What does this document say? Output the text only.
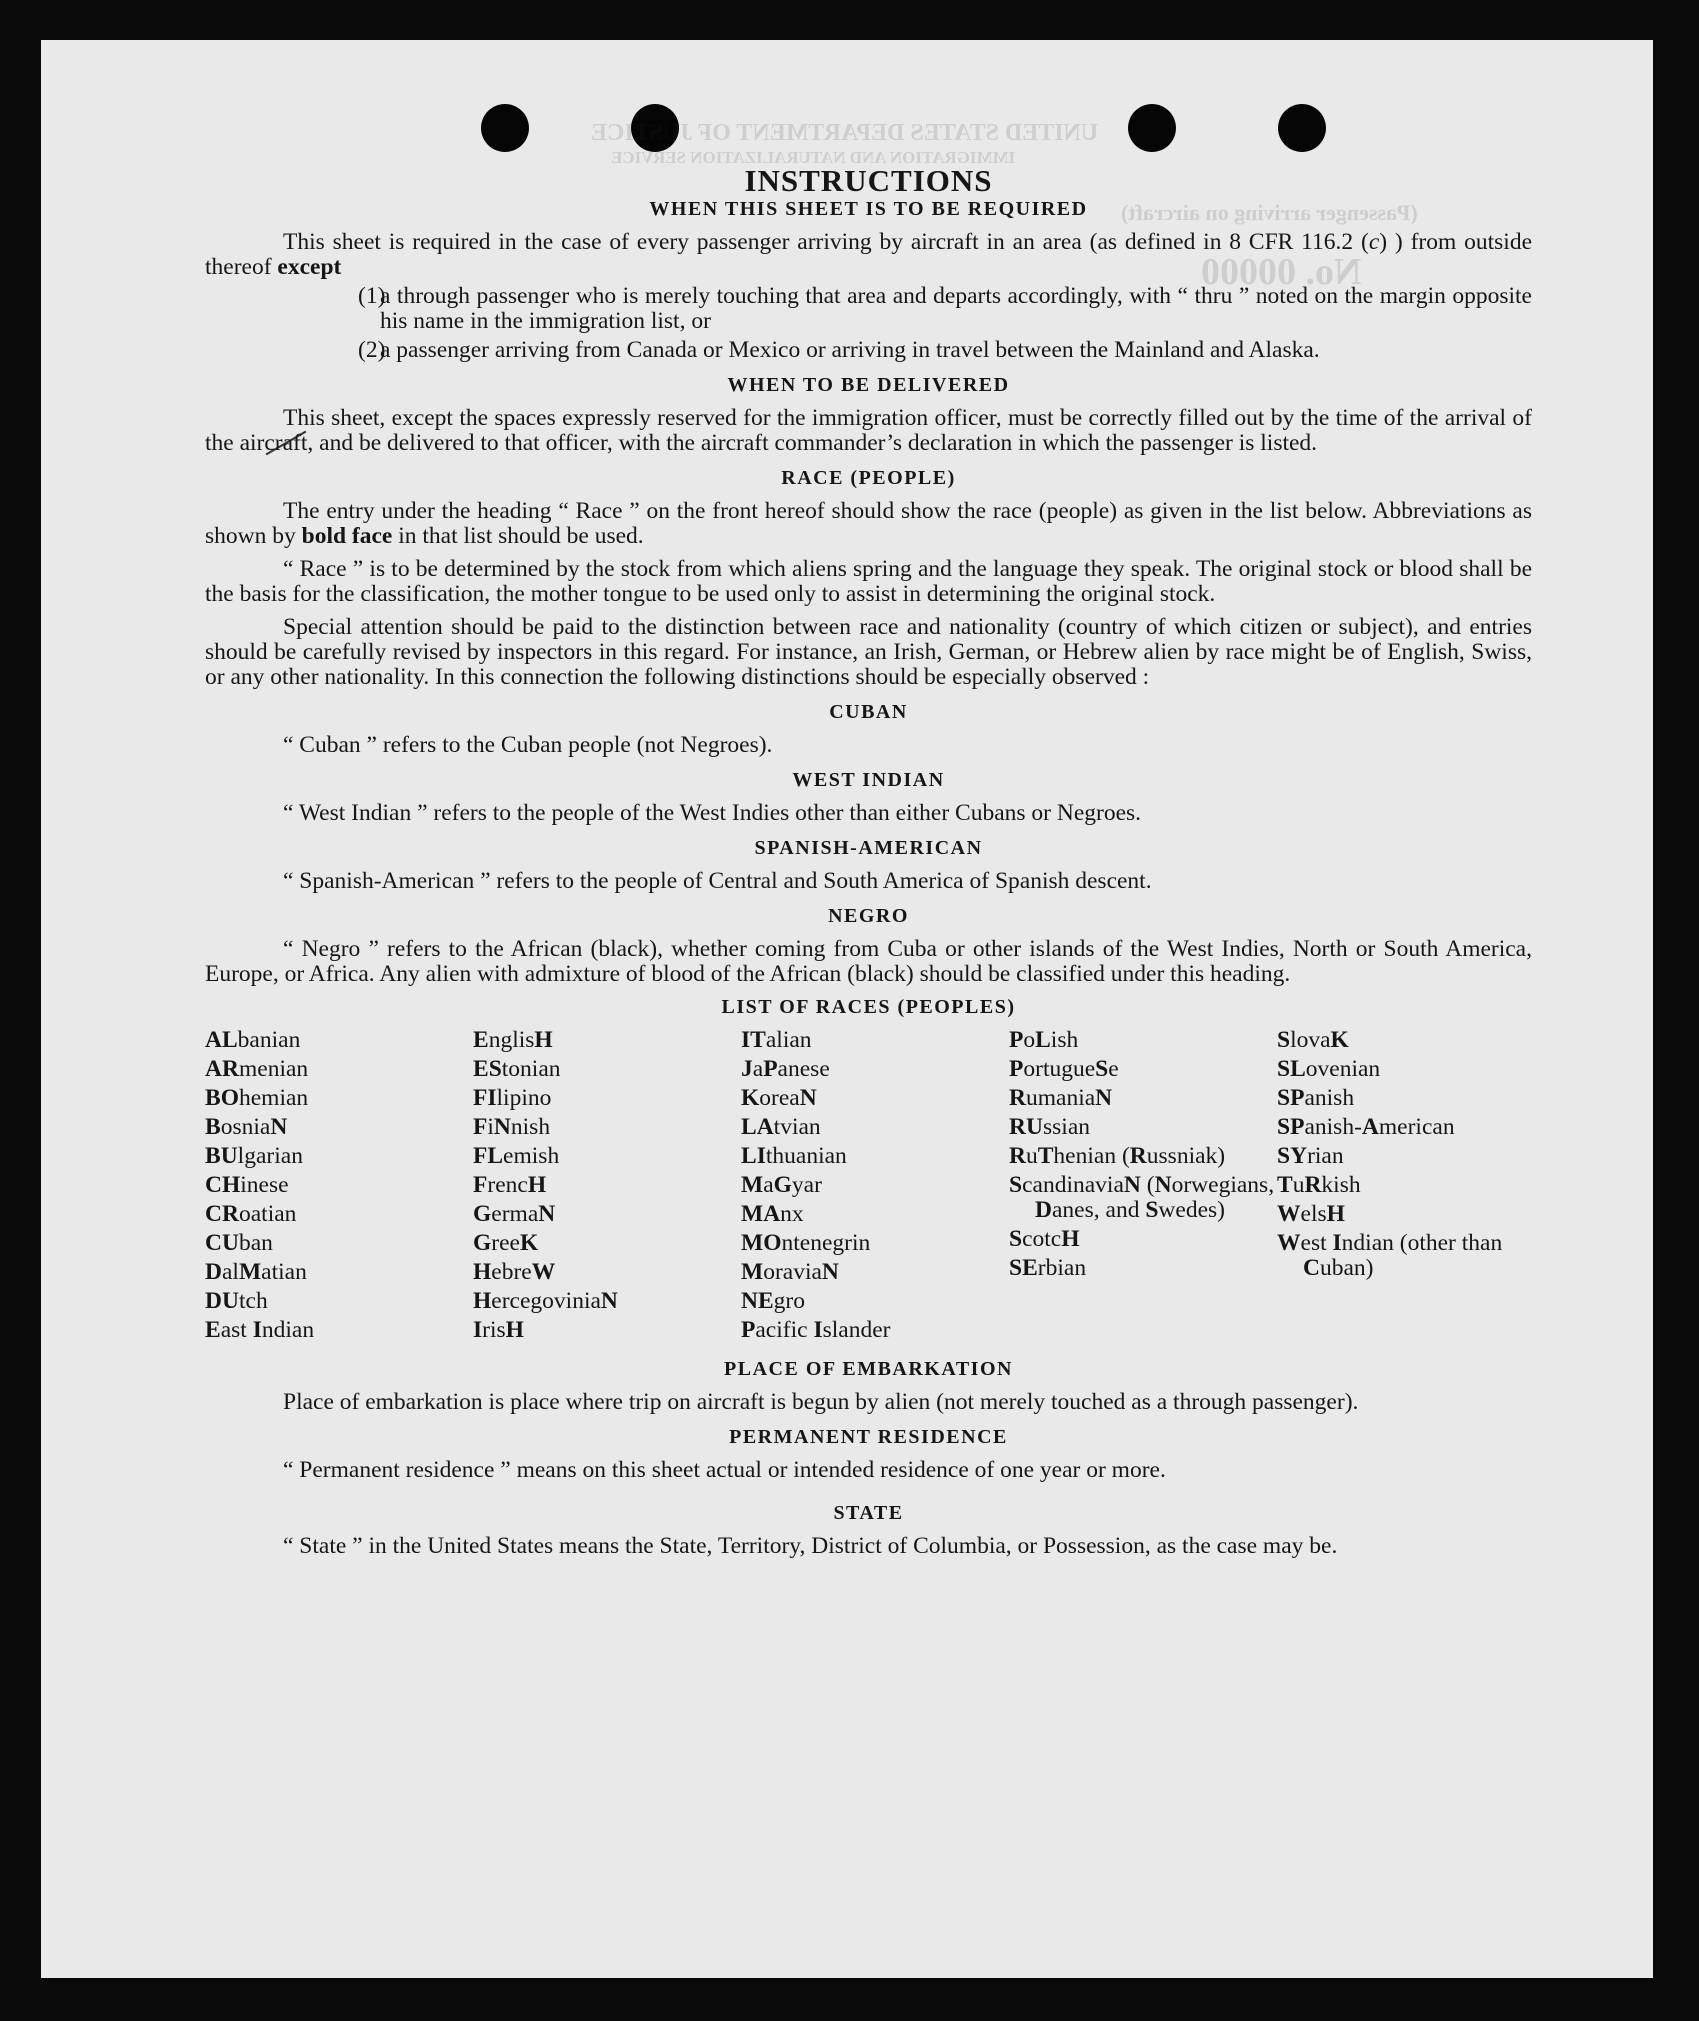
UNITED STATES DEPARTMENT OF JUSTICE
IMMIGRATION AND NATURALIZATION SERVICE
(Passenger arriving on aircraft)
No. 00000
INSTRUCTIONS
WHEN THIS SHEET IS TO BE REQUIRED

This sheet is required in the case of every passenger arriving by aircraft in an area (as defined in 8 CFR 116.2 (c) ) from outside thereof except

( 1 ) a through passenger who is merely touching that area and departs accordingly, with “ thru ” noted on the margin opposite his name in the immigration list, or
( 2 ) a passenger arriving from Canada or Mexico or arriving in travel between the Mainland and Alaska.
WHEN TO BE DELIVERED

This sheet, except the spaces expressly reserved for the immigration officer, must be correctly filled out by the time of the arrival of the aircraft, and be delivered to that officer, with the aircraft commander’s declaration in which the passenger is listed.

RACE (PEOPLE)

The entry under the heading “ Race ” on the front hereof should show the race (people) as given in the list below. Abbreviations as shown by bold face in that list should be used.

“ Race ” is to be determined by the stock from which aliens spring and the language they speak. The original stock or blood shall be the basis for the classification, the mother tongue to be used only to assist in determining the original stock.

Special attention should be paid to the distinction between race and nationality (country of which citizen or subject), and entries should be carefully revised by inspectors in this regard. For instance, an Irish, German, or Hebrew alien by race might be of English, Swiss, or any other nationality. In this connection the following distinctions should be especially observed :

CUBAN

“ Cuban ” refers to the Cuban people (not Negroes).

WEST INDIAN

“ West Indian ” refers to the people of the West Indies other than either Cubans or Negroes.

SPANISH-AMERICAN

“ Spanish-American ” refers to the people of Central and South America of Spanish descent.

NEGRO

“ Negro ” refers to the African (black), whether coming from Cuba or other islands of the West Indies, North or South America, Europe, or Africa. Any alien with admixture of blood of the African (black) should be classified under this heading.

LIST OF RACES (PEOPLES)
ALbanian
ARmenian
BOhemian
BosniaN
BUlgarian
CHinese
CRoatian
CUban
DalMatian
DUtch
East Indian
EnglisH
EStonian
FIlipino
FiNnish
FLemish
FrencH
GermaN
GreeK
HebreW
HercegoviniaN
IrisH
ITalian
JaPanese
KoreaN
LAtvian
LIthuanian
MaGyar
MAnx
MOntenegrin
MoraviaN
NEgro
Pacific Islander
PoLish
PortugueSe
RumaniaN
RUssian
RuThenian (Russniak)
ScandinaviaN (Norwegians, Danes, and Swedes)
ScotcH
SErbian
SlovaK
SLovenian
SPanish
SPanish-American
SYrian
TuRkish
WelsH
West Indian (other than Cuban)
PLACE OF EMBARKATION

Place of embarkation is place where trip on aircraft is begun by alien (not merely touched as a through passenger).

PERMANENT RESIDENCE

“ Permanent residence ” means on this sheet actual or intended residence of one year or more.

STATE

“ State ” in the United States means the State, Territory, District of Columbia, or Possession, as the case may be.
